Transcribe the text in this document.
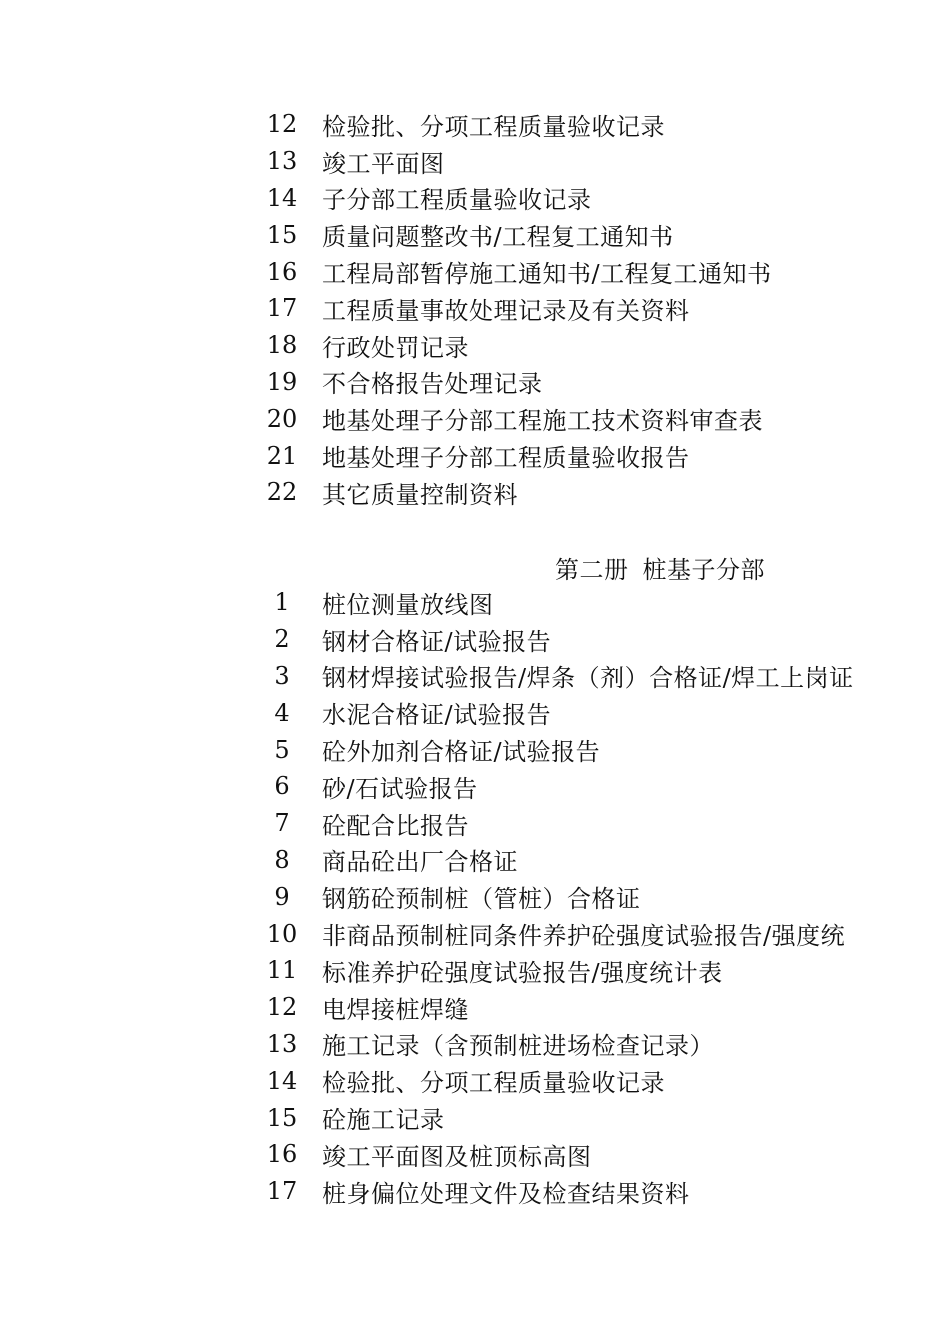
12 检验批、分项工程质量验收记录
13 竣工平面图
14 子分部工程质量验收记录
15 质量问题整改书/工程复工通知书
16 工程局部暂停施工通知书/工程复工通知书
17 工程质量事故处理记录及有关资料
18 行政处罚记录
19 不合格报告处理记录
20 地基处理子分部工程施工技术资料审查表
21 地基处理子分部工程质量验收报告
22 其它质量控制资料
第二册 桩基子分部
1	桩位测量放线图
2	钢材合格证/试验报告
3	钢材焊接试验报告/焊条（剂）合格证/焊工上岗证
4	水泥合格证/试验报告
5	砼外加剂合格证/试验报告
6	砂/石试验报告
7	砼配合比报告
8	商品砼出厂合格证
9	钢筋砼预制桩（管桩）合格证
10 非商品预制桩同条件养护砼强度试验报告/强度统
11 标准养护砼强度试验报告/强度统计表
12 电焊接桩焊缝
13 施工记录（含预制桩进场检查记录）
14 检验批、分项工程质量验收记录
15 砼施工记录
16 竣工平面图及桩顶标高图
17 桩身偏位处理文件及检查结果资料
